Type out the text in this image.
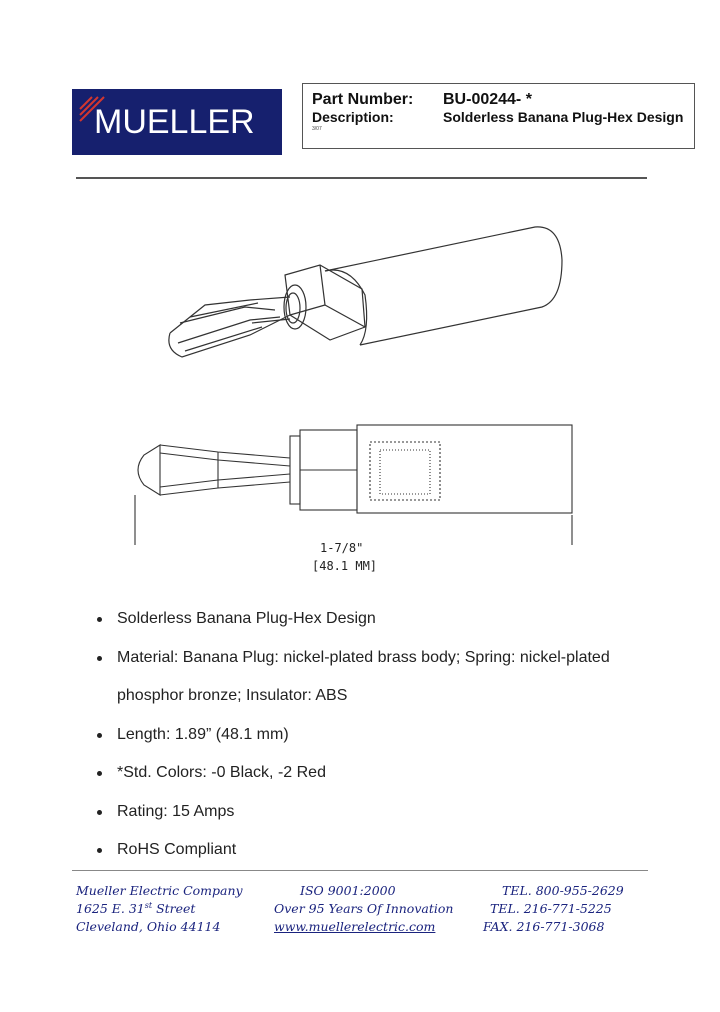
MUELLER
Part Number: BU-00244- *
Description:	Solderless Banana Plug-Hex Design
3/07
1-7/8"
[48.1 MM]
Solderless Banana Plug-Hex Design
Material: Banana Plug: nickel-plated brass body; Spring: nickel-plated
phosphor bronze; Insulator: ABS
Length: 1.89” (48.1 mm)
*Std. Colors: -0 Black, -2 Red
Rating: 15 Amps
RoHS Compliant
Mueller Electric Company
1625 E. 31st Street
Cleveland, Ohio 44114
ISO 9001:2000
Over 95 Years Of Innovation
www.muellerelectric.com
TEL. 800-955-2629
TEL. 216-771-5225
FAX. 216-771-3068
